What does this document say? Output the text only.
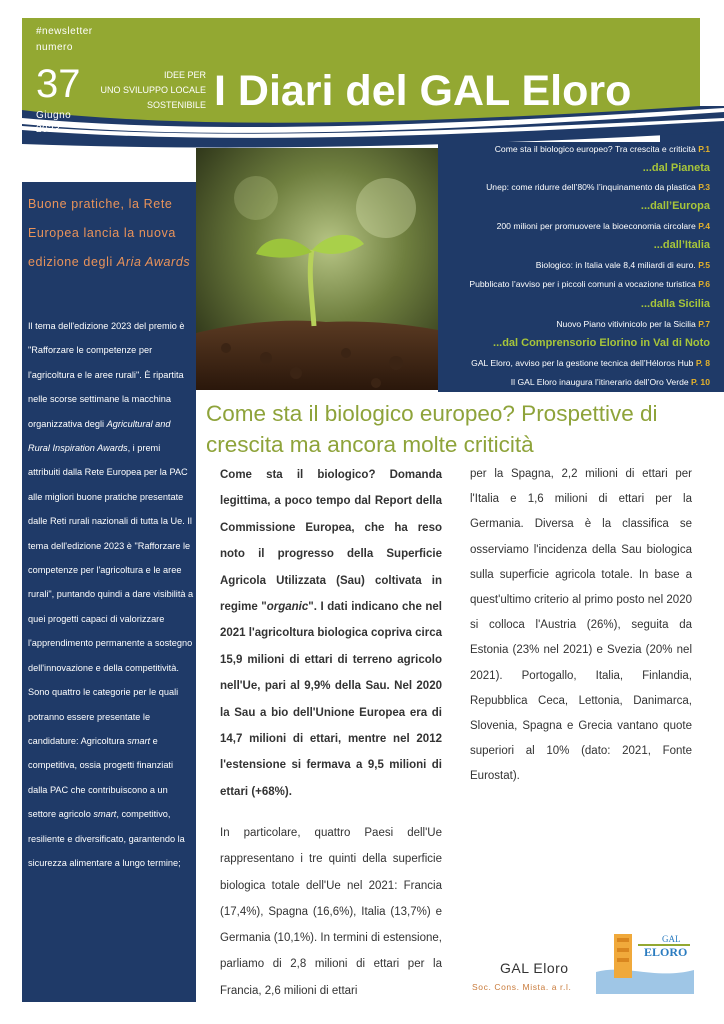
#newsletter
numero
37
Giugno
2023
IDEE PER
UNO SVILUPPO LOCALE
SOSTENIBILE I Diari del GAL Eloro
Come sta il biologico europeo? Tra crescita e criticità P.1
...dal Pianeta
Unep: come ridurre dell’80% l’inquinamento da plastica P.3
...dall’Europa
200 milioni per promuovere la bioeconomia circolare P.4
...dall’Italia
Biologico: in Italia vale 8,4 miliardi di euro. P.5
Pubblicato l’avviso per i piccoli comuni a vocazione turistica P.6
...dalla Sicilia
Nuovo Piano vitivinicolo per la Sicilia P.7
...dal Comprensorio Elorino in Val di Noto
GAL Eloro, avviso per la gestione tecnica dell’Héloros Hub P. 8
Il GAL Eloro inaugura l’itinerario dell’Oro Verde P. 10
Buone pratiche, la Rete Europea lancia la nuova edizione degli Aria Awards
Il tema dell'edizione 2023 del premio è "Rafforzare le competenze per l'agricoltura e le aree rurali". È ripartita nelle scorse settimane la macchina organizzativa degli Agricultural and Rural Inspiration Awards, i premi attribuiti dalla Rete Europea per la PAC alle migliori buone pratiche presentate dalle Reti rurali nazionali di tutta la Ue. Il tema dell'edizione 2023 è "Rafforzare le competenze per l'agricoltura e le aree rurali", puntando quindi a dare visibilità a quei progetti capaci di valorizzare l'apprendimento permanente a sostegno dell'innovazione e della competitività. Sono quattro le categorie per le quali potranno essere presentate le candidature: Agricoltura smart e competitiva, ossia progetti finanziati dalla PAC che contribuiscono a un settore agricolo smart, competitivo, resiliente e diversificato, garantendo la sicurezza alimentare a lungo termine;
Come sta il biologico europeo? Prospettive di crescita ma ancora molte criticità
Come sta il biologico? Domanda legittima, a poco tempo dal Report della Commissione Europea, che ha reso noto il progresso della Superficie Agricola Utilizzata (Sau) coltivata in regime "organic". I dati indicano che nel 2021 l'agricoltura biologica copriva circa 15,9 milioni di ettari di terreno agricolo nell'Ue, pari al 9,9% della Sau. Nel 2020 la Sau a bio dell'Unione Europea era di 14,7 milioni di ettari, mentre nel 2012 l'estensione si fermava a 9,5 milioni di ettari (+68%).
In particolare, quattro Paesi dell'Ue rappresentano i tre quinti della superficie biologica totale dell'Ue nel 2021: Francia (17,4%), Spagna (16,6%), Italia (13,7%) e Germania (10,1%). In termini di estensione, parliamo di 2,8 milioni di ettari per la Francia, 2,6 milioni di ettari
per la Spagna, 2,2 milioni di ettari per l'Italia e 1,6 milioni di ettari per la Germania. Diversa è la classifica se osserviamo l'incidenza della Sau biologica sulla superficie agricola totale. In base a quest'ultimo criterio al primo posto nel 2020 si colloca l'Austria (26%), seguita da Estonia (23% nel 2021) e Svezia (20% nel 2021). Portogallo, Italia, Finlandia, Repubblica Ceca, Lettonia, Danimarca, Slovenia, Spagna e Grecia vantano quote superiori al 10% (dato: 2021, Fonte Eurostat).
GAL Eloro
Soc. Cons. Mista. a r.l.
GAL
ELORO
